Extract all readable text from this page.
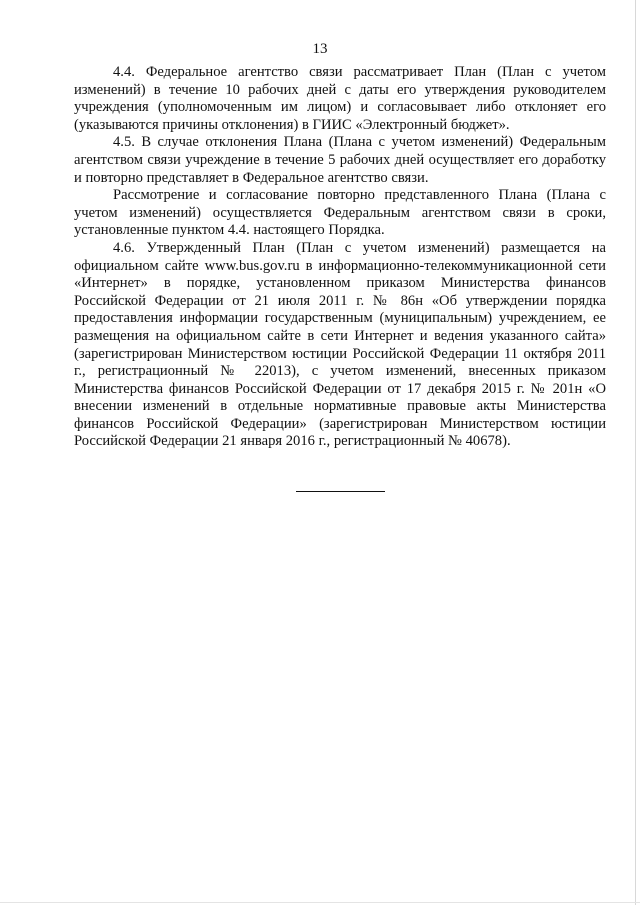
13

4.4. Федеральное агентство связи рассматривает План (План с учетом изменений) в течение 10 рабочих дней с даты его утверждения руководителем учреждения (уполномоченным им лицом) и согласовывает либо отклоняет его (указываются причины отклонения) в ГИИС «Электронный бюджет».

4.5. В случае отклонения Плана (Плана с учетом изменений) Федеральным агентством связи учреждение в течение 5 рабочих дней осуществляет его доработку и повторно представляет в Федеральное агентство связи.

Рассмотрение и согласование повторно представленного Плана (Плана с учетом изменений) осуществляется Федеральным агентством связи в сроки, установленные пунктом 4.4. настоящего Порядка.

4.6. Утвержденный План (План с учетом изменений) размещается на официальном сайте www.bus.gov.ru в информационно-телекоммуникационной сети «Интернет» в порядке, установленном приказом Министерства финансов Российской Федерации от 21 июля 2011 г. № 86н «Об утверждении порядка предоставления информации государственным (муниципальным) учреждением, ее размещения на официальном сайте в сети Интернет и ведения указанного сайта» (зарегистрирован Министерством юстиции Российской Федерации 11 октября 2011 г., регистрационный № 22013), с учетом изменений, внесенных приказом Министерства финансов Российской Федерации от 17 декабря 2015 г. № 201н «О внесении изменений в отдельные нормативные правовые акты Министерства финансов Российской Федерации» (зарегистрирован Министерством юстиции Российской Федерации 21 января 2016 г., регистрационный № 40678).
